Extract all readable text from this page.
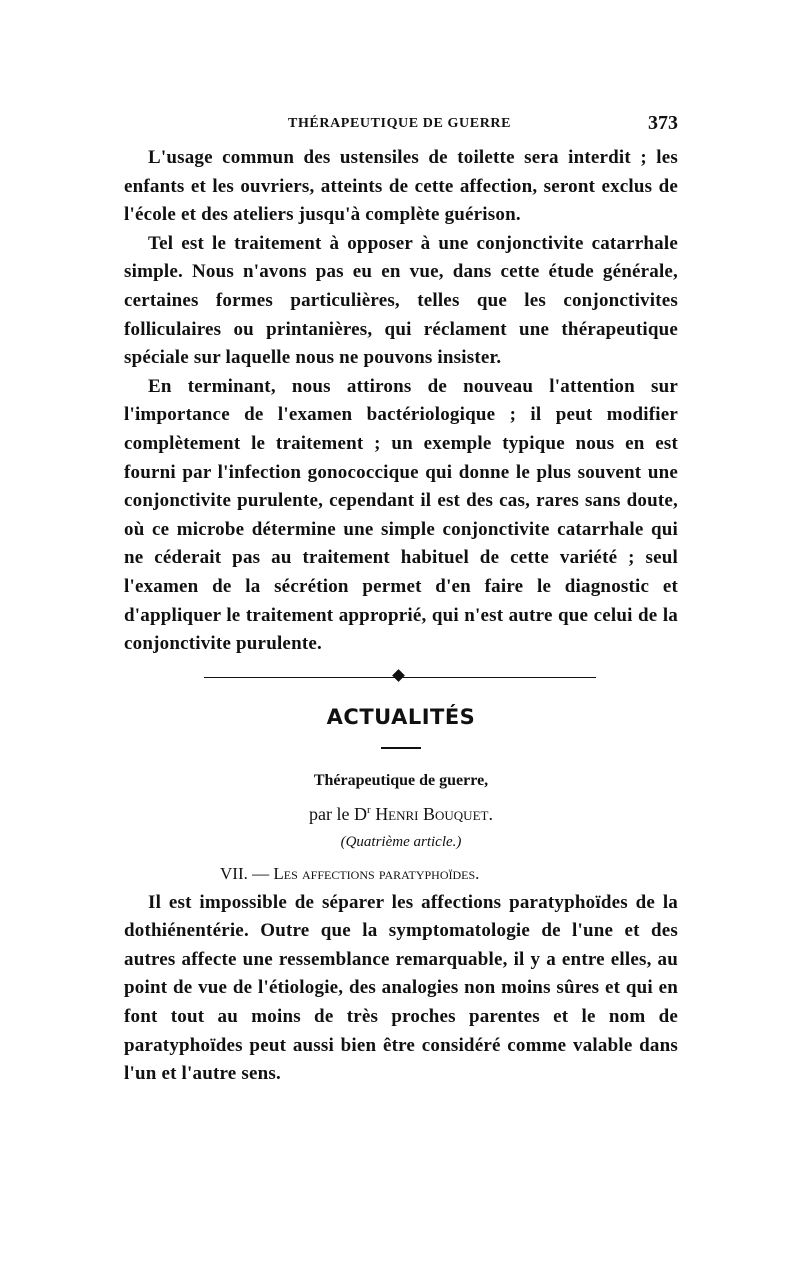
THÉRAPEUTIQUE DE GUERRE	373

L'usage commun des ustensiles de toilette sera interdit ; les enfants et les ouvriers, atteints de cette affection, seront exclus de l'école et des ateliers jusqu'à complète guérison.

Tel est le traitement à opposer à une conjonctivite catarrhale simple. Nous n'avons pas eu en vue, dans cette étude générale, certaines formes particulières, telles que les conjonctivites folliculaires ou printanières, qui réclament une thérapeutique spéciale sur laquelle nous ne pouvons insister.

En terminant, nous attirons de nouveau l'attention sur l'importance de l'examen bactériologique ; il peut modifier complètement le traitement ; un exemple typique nous en est fourni par l'infection gonococcique qui donne le plus souvent une conjonctivite purulente, cependant il est des cas, rares sans doute, où ce microbe détermine une simple conjonctivite catarrhale qui ne céderait pas au traitement habituel de cette variété ; seul l'examen de la sécrétion permet d'en faire le diagnostic et d'appliquer le traitement approprié, qui n'est autre que celui de la conjonctivite purulente.

ACTUALITÉS
Thérapeutique de guerre,
par le $D^r$ Henri Bouquet.
(Quatrième article.)
VII. — Les affections paratyphoïdes.

Il est impossible de séparer les affections paratyphoïdes de la dothiénentérie. Outre que la symptomatologie de l'une et des autres affecte une ressemblance remarquable, il y a entre elles, au point de vue de l'étiologie, des analogies non moins sûres et qui en font tout au moins de très proches parentes et le nom de paratyphoïdes peut aussi bien être considéré comme valable dans l'un et l'autre sens.
